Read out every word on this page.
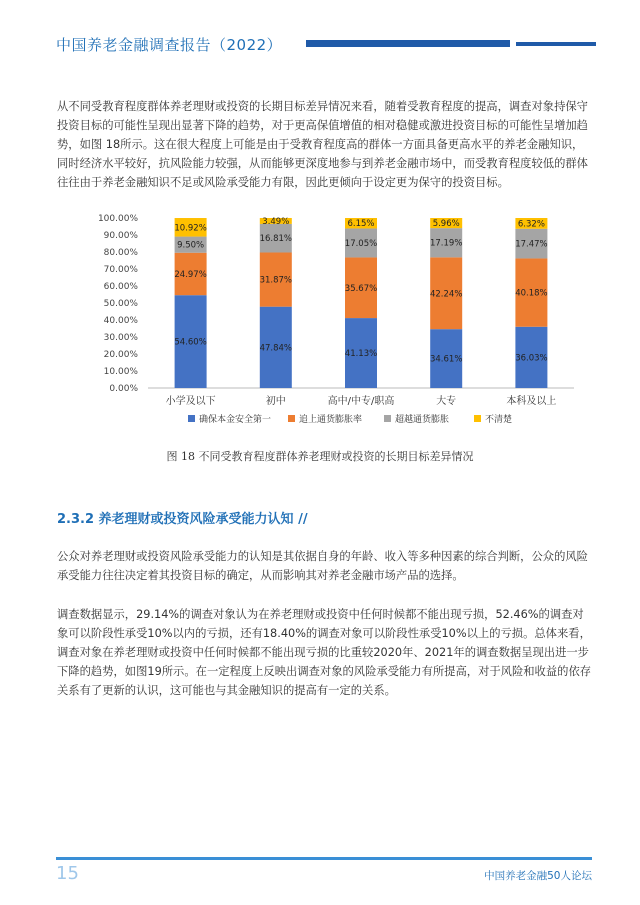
中国养老金融调查报告（2022）

从不同受教育程度群体养老理财或投资的长期目标差异情况来看，随着受教育程度的提高，调查对象持保守投资目标的可能性呈现出显著下降的趋势，对于更高保值增值的相对稳健或激进投资目标的可能性呈增加趋势，如图 18所示。这在很大程度上可能是由于受教育程度高的群体一方面具备更高水平的养老金融知识，同时经济水平较好，抗风险能力较强，从而能够更深度地参与到养老金融市场中，而受教育程度较低的群体往往由于养老金融知识不足或风险承受能力有限，因此更倾向于设定更为保守的投资目标。

0.00%
10.00%
20.00%
30.00%
40.00%
50.00%
60.00%
70.00%
80.00%
90.00%
100.00%
54.60%
24.97%
9.50%
10.92%
小学及以下
47.84%
31.87%
16.81%
3.49%
初中
41.13%
35.67%
17.05%
6.15%
高中/中专/职高
34.61%
42.24%
17.19%
5.96%
大专
36.03%
40.18%
17.47%
6.32%
本科及以上
确保本金安全第一	追上通货膨胀率	超越通货膨胀	不清楚
图 18 不同受教育程度群体养老理财或投资的长期目标差异情况
2.3.2 养老理财或投资风险承受能力认知 //

公众对养老理财或投资风险承受能力的认知是其依据自身的年龄、收入等多种因素的综合判断，公众的风险承受能力往往决定着其投资目标的确定，从而影响其对养老金融市场产品的选择。

调查数据显示，29.14%的调查对象认为在养老理财或投资中任何时候都不能出现亏损，52.46%的调查对象可以阶段性承受10%以内的亏损，还有18.40%的调查对象可以阶段性承受10%以上的亏损。总体来看，调查对象在养老理财或投资中任何时候都不能出现亏损的比重较2020年、2021年的调查数据呈现出进一步下降的趋势，如图19所示。在一定程度上反映出调查对象的风险承受能力有所提高，对于风险和收益的依存关系有了更新的认识，这可能也与其金融知识的提高有一定的关系。

15	中国养老金融50人论坛
